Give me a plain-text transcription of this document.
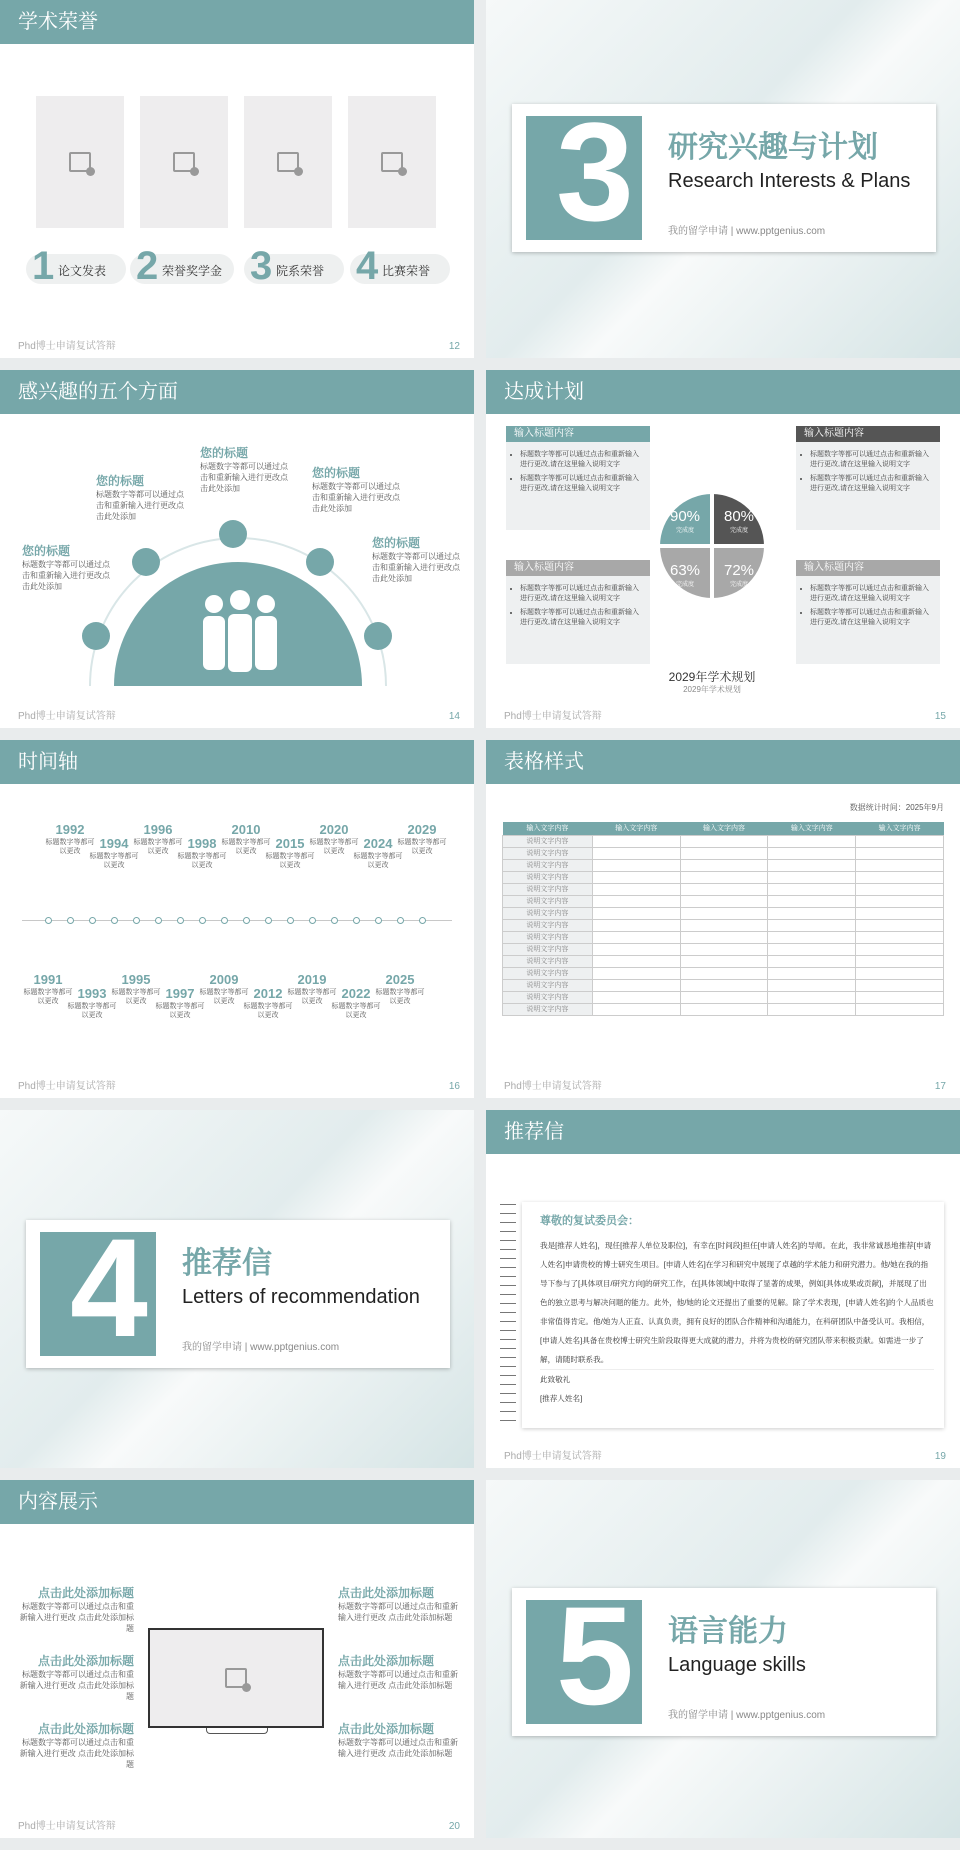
学术荣誉
1 论文发表 2 荣誉奖学金 3 院系荣誉 4 比赛荣誉
Phd博士申请复试答辩	12
3 研究兴趣与计划
Research Interests & Plans
我的留学申请 | www.pptgenius.com
感兴趣的五个方面
您的标题
标题数字等都可以通过点击和重新输入进行更改点击此处添加
您的标题
标题数字等都可以通过点击和重新输入进行更改点击此处添加
您的标题
标题数字等都可以通过点击和重新输入进行更改点击此处添加
您的标题
标题数字等都可以通过点击和重新输入进行更改点击此处添加
您的标题
标题数字等都可以通过点击和重新输入进行更改点击此处添加
Phd博士申请复试答辩	14
达成计划
输入标题内容
• 标题数字等都可以通过点击和重新输入进行更改,请在这里输入说明文字
• 标题数字等都可以通过点击和重新输入进行更改,请在这里输入说明文字
输入标题内容
• 标题数字等都可以通过点击和重新输入进行更改,请在这里输入说明文字
• 标题数字等都可以通过点击和重新输入进行更改,请在这里输入说明文字
输入标题内容
• 标题数字等都可以通过点击和重新输入进行更改,请在这里输入说明文字
• 标题数字等都可以通过点击和重新输入进行更改,请在这里输入说明文字
输入标题内容
• 标题数字等都可以通过点击和重新输入进行更改,请在这里输入说明文字
• 标题数字等都可以通过点击和重新输入进行更改,请在这里输入说明文字
90%
完成度
80%
完成度
63%
完成度
72%
完成度
2029年学术规划
2029年学术规划
Phd博士申请复试答辩	15
时间轴
1992
标题数字等都可以更改
1994
标题数字等都可以更改
1996
标题数字等都可以更改
1998
标题数字等都可以更改
2010
标题数字等都可以更改
2015
标题数字等都可以更改
2020
标题数字等都可以更改
2024
标题数字等都可以更改
2029
标题数字等都可以更改
1991
标题数字等都可以更改
1993
标题数字等都可以更改
1995
标题数字等都可以更改
1997
标题数字等都可以更改
2009
标题数字等都可以更改
2012
标题数字等都可以更改
2019
标题数字等都可以更改
2022
标题数字等都可以更改
2025
标题数字等都可以更改
Phd博士申请复试答辩	16
表格样式
数据统计时间：2025年9月
输入文字内容	输入文字内容	输入文字内容	输入文字内容	输入文字内容
说明文字内容				
说明文字内容				
说明文字内容				
说明文字内容				
说明文字内容				
说明文字内容				
说明文字内容				
说明文字内容				
说明文字内容				
说明文字内容				
说明文字内容				
说明文字内容				
说明文字内容				
说明文字内容				
说明文字内容				
Phd博士申请复试答辩	17
4 推荐信
Letters of recommendation
我的留学申请 | www.pptgenius.com
推荐信
尊敬的复试委员会：
我是[推荐人姓名]，现任[推荐人单位及职位]，有幸在[时间段]担任[申请人姓名]的导师。在此，我非常诚恳地推荐[申请人姓名]申请贵校的博士研究生项目。[申请人姓名]在学习和研究中展现了卓越的学术能力和研究潜力。他/她在我的指导下参与了[具体项目/研究方向]的研究工作，在[具体领域]中取得了显著的成果，例如[具体成果或贡献]，并展现了出色的独立思考与解决问题的能力。此外，他/她的论文还提出了重要的见解。除了学术表现，[申请人姓名]的个人品质也非常值得肯定。他/她为人正直、认真负责，拥有良好的团队合作精神和沟通能力，在科研团队中备受认可。我相信，[申请人姓名]具备在贵校博士研究生阶段取得更大成就的潜力，并将为贵校的研究团队带来积极贡献。如需进一步了解，请随时联系我。
此致敬礼
[推荐人姓名]
Phd博士申请复试答辩	19
内容展示
点击此处添加标题
标题数字等都可以通过点击和重新输入进行更改 点击此处添加标题
点击此处添加标题
标题数字等都可以通过点击和重新输入进行更改 点击此处添加标题
点击此处添加标题
标题数字等都可以通过点击和重新输入进行更改 点击此处添加标题
点击此处添加标题
标题数字等都可以通过点击和重新输入进行更改 点击此处添加标题
点击此处添加标题
标题数字等都可以通过点击和重新输入进行更改 点击此处添加标题
点击此处添加标题
标题数字等都可以通过点击和重新输入进行更改 点击此处添加标题
Phd博士申请复试答辩	20
5 语言能力
Language skills
我的留学申请 | www.pptgenius.com
